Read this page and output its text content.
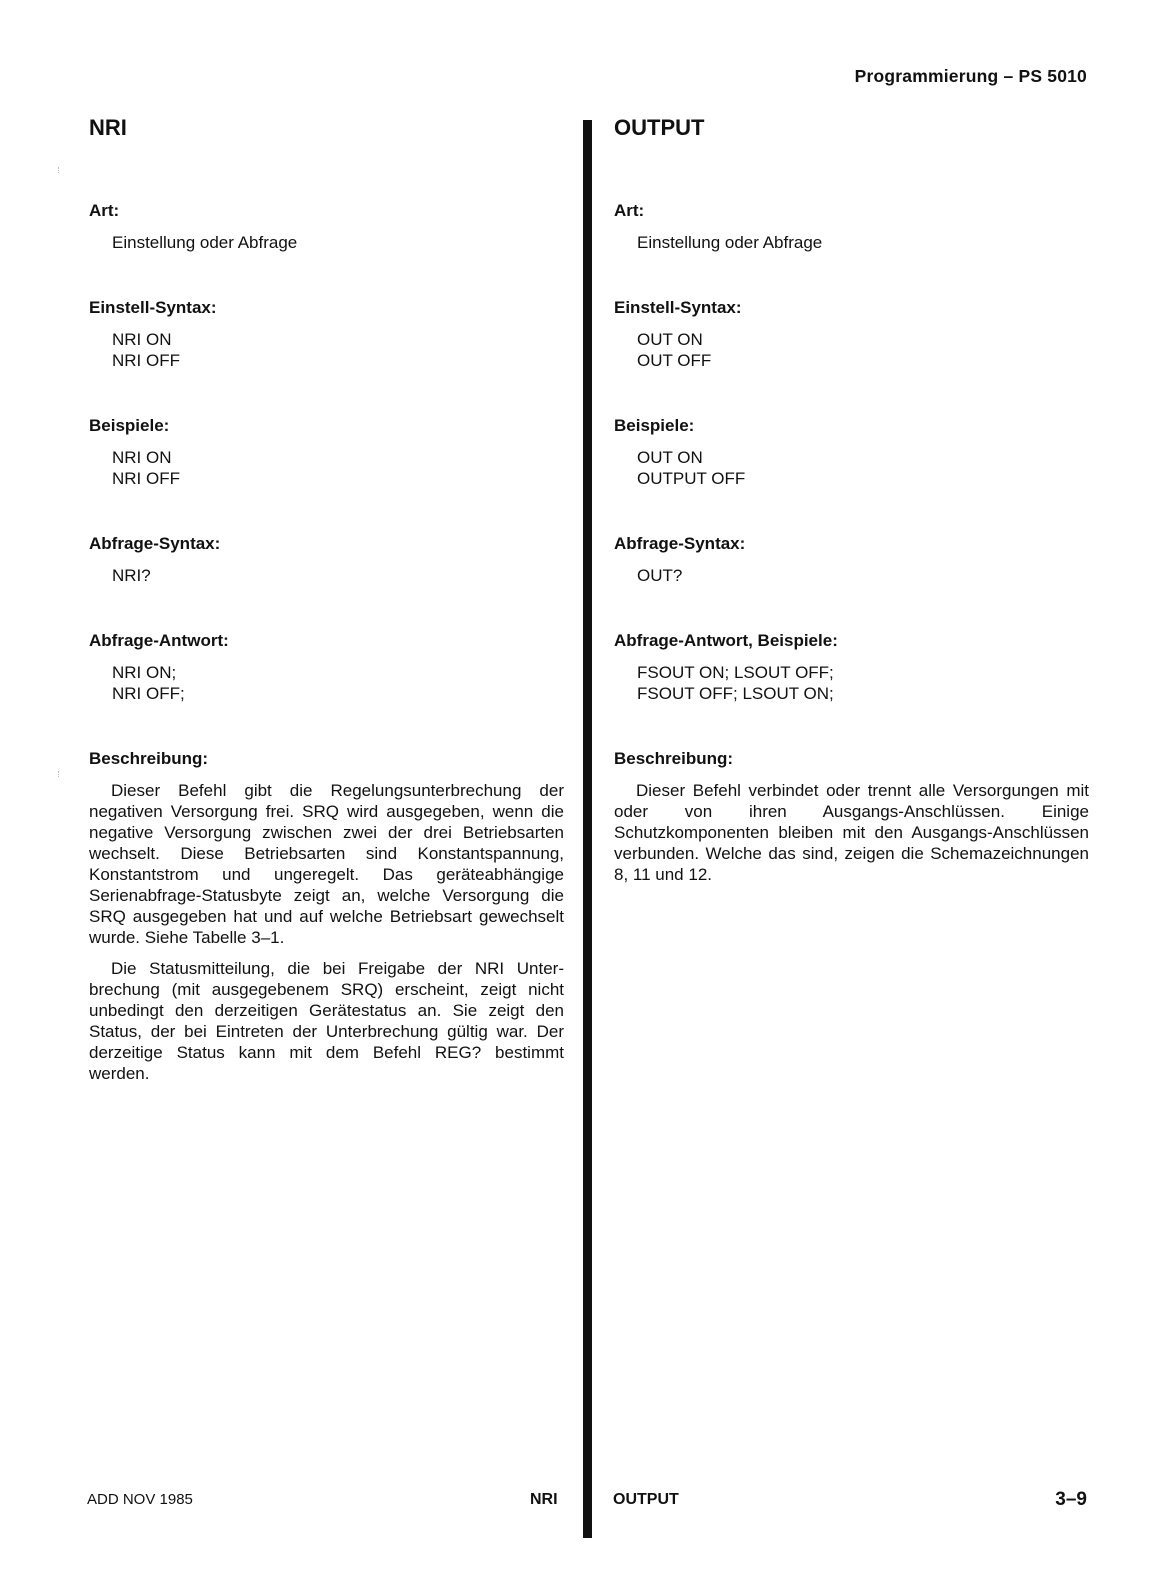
Programmierung – PS 5010
NRI
Art:
Einstellung oder Abfrage
Einstell-Syntax:
NRI ON
NRI OFF
Beispiele:
NRI ON
NRI OFF
Abfrage-Syntax:
NRI?
Abfrage-Antwort:
NRI ON;
NRI OFF;
Beschreibung:

Dieser Befehl gibt die Regelungsunterbrechung der negativen Versorgung frei. SRQ wird ausgegeben, wenn die negative Versorgung zwischen zwei der drei Betriebsarten wechselt. Diese Betriebsarten sind Konstantspannung, Konstantstrom und ungeregelt. Das geräteabhängige Serienabfrage-Statusbyte zeigt an, welche Versorgung die SRQ ausgegeben hat und auf welche Betriebsart gewechselt wurde. Siehe Tabelle 3–1.

Die Statusmitteilung, die bei Freigabe der NRI Unterbrechung (mit ausgegebenem SRQ) erscheint, zeigt nicht unbedingt den derzeitigen Gerätestatus an. Sie zeigt den Status, der bei Eintreten der Unterbrechung gültig war. Der derzeitige Status kann mit dem Befehl REG? bestimmt werden.

OUTPUT
Art:
Einstellung oder Abfrage
Einstell-Syntax:
OUT ON
OUT OFF
Beispiele:
OUT ON
OUTPUT OFF
Abfrage-Syntax:
OUT?
Abfrage-Antwort, Beispiele:
FSOUT ON; LSOUT OFF;
FSOUT OFF; LSOUT ON;
Beschreibung:

Dieser Befehl verbindet oder trennt alle Versorgungen mit oder von ihren Ausgangs-Anschlüssen. Einige Schutzkomponenten bleiben mit den Ausgangs-Anschlüssen verbunden. Welche das sind, zeigen die Schemazeichnungen 8, 11 und 12.

ADD NOV 1985	NRI	OUTPUT	3–9
